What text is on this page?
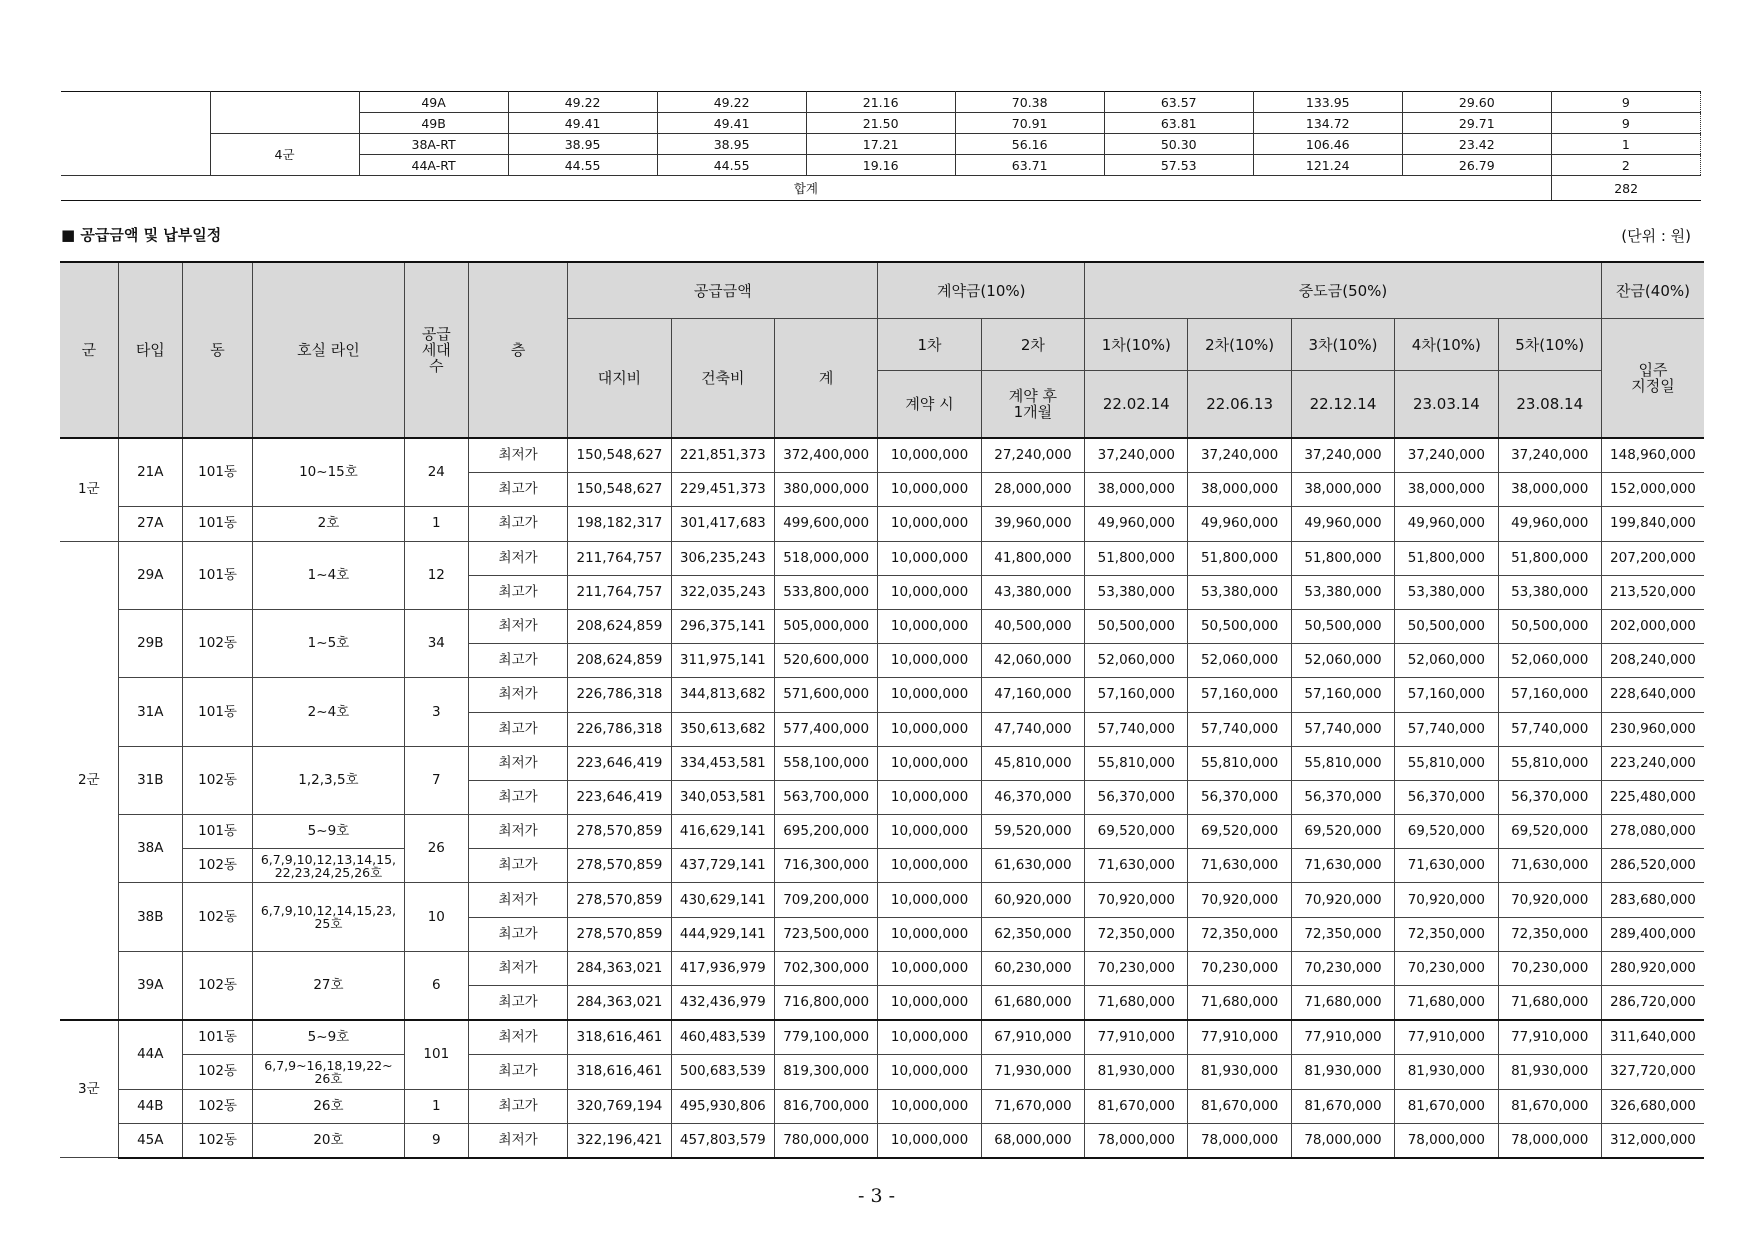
		49A	49.22	49.22	21.16	70.38	63.57	133.95	29.60	9
		49B	49.41	49.41	21.50	70.91	63.81	134.72	29.71	9
	4군	38A-RT	38.95	38.95	17.21	56.16	50.30	106.46	23.42	1
		44A-RT	44.55	44.55	19.16	63.71	57.53	121.24	26.79	2
합계										282
■ 공급금액 및 납부일정	(단위 : 원)
군	타입	동	호실 라인	공급
세대
수	층	공급금액			계약금(10%)		중도금(50%)					잔금(40%)
						대지비	건축비	계	1차	2차	1차(10%)	2차(10%)	3차(10%)	4차(10%)	5차(10%)	입주
지정일
									계약 시	계약 후
1개월	22.02.14	22.06.13	22.12.14	23.03.14	23.08.14	
1군	21A	101동	10~15호	24	최저가	150,548,627	221,851,373	372,400,000	10,000,000	27,240,000	37,240,000	37,240,000	37,240,000	37,240,000	37,240,000	148,960,000
					최고가	150,548,627	229,451,373	380,000,000	10,000,000	28,000,000	38,000,000	38,000,000	38,000,000	38,000,000	38,000,000	152,000,000
	27A	101동	2호	1	최고가	198,182,317	301,417,683	499,600,000	10,000,000	39,960,000	49,960,000	49,960,000	49,960,000	49,960,000	49,960,000	199,840,000
2군	29A	101동	1~4호	12	최저가	211,764,757	306,235,243	518,000,000	10,000,000	41,800,000	51,800,000	51,800,000	51,800,000	51,800,000	51,800,000	207,200,000
					최고가	211,764,757	322,035,243	533,800,000	10,000,000	43,380,000	53,380,000	53,380,000	53,380,000	53,380,000	53,380,000	213,520,000
	29B	102동	1~5호	34	최저가	208,624,859	296,375,141	505,000,000	10,000,000	40,500,000	50,500,000	50,500,000	50,500,000	50,500,000	50,500,000	202,000,000
					최고가	208,624,859	311,975,141	520,600,000	10,000,000	42,060,000	52,060,000	52,060,000	52,060,000	52,060,000	52,060,000	208,240,000
	31A	101동	2~4호	3	최저가	226,786,318	344,813,682	571,600,000	10,000,000	47,160,000	57,160,000	57,160,000	57,160,000	57,160,000	57,160,000	228,640,000
					최고가	226,786,318	350,613,682	577,400,000	10,000,000	47,740,000	57,740,000	57,740,000	57,740,000	57,740,000	57,740,000	230,960,000
	31B	102동	1,2,3,5호	7	최저가	223,646,419	334,453,581	558,100,000	10,000,000	45,810,000	55,810,000	55,810,000	55,810,000	55,810,000	55,810,000	223,240,000
					최고가	223,646,419	340,053,581	563,700,000	10,000,000	46,370,000	56,370,000	56,370,000	56,370,000	56,370,000	56,370,000	225,480,000
	38A	101동	5~9호	26	최저가	278,570,859	416,629,141	695,200,000	10,000,000	59,520,000	69,520,000	69,520,000	69,520,000	69,520,000	69,520,000	278,080,000
		102동	6,7,9,10,12,13,14,15,
22,23,24,25,26호		최고가	278,570,859	437,729,141	716,300,000	10,000,000	61,630,000	71,630,000	71,630,000	71,630,000	71,630,000	71,630,000	286,520,000
	38B	102동	6,7,9,10,12,14,15,23,
25호	10	최저가	278,570,859	430,629,141	709,200,000	10,000,000	60,920,000	70,920,000	70,920,000	70,920,000	70,920,000	70,920,000	283,680,000
					최고가	278,570,859	444,929,141	723,500,000	10,000,000	62,350,000	72,350,000	72,350,000	72,350,000	72,350,000	72,350,000	289,400,000
	39A	102동	27호	6	최저가	284,363,021	417,936,979	702,300,000	10,000,000	60,230,000	70,230,000	70,230,000	70,230,000	70,230,000	70,230,000	280,920,000
					최고가	284,363,021	432,436,979	716,800,000	10,000,000	61,680,000	71,680,000	71,680,000	71,680,000	71,680,000	71,680,000	286,720,000
3군	44A	101동	5~9호	101	최저가	318,616,461	460,483,539	779,100,000	10,000,000	67,910,000	77,910,000	77,910,000	77,910,000	77,910,000	77,910,000	311,640,000
		102동	6,7,9~16,18,19,22~
26호		최고가	318,616,461	500,683,539	819,300,000	10,000,000	71,930,000	81,930,000	81,930,000	81,930,000	81,930,000	81,930,000	327,720,000
	44B	102동	26호	1	최고가	320,769,194	495,930,806	816,700,000	10,000,000	71,670,000	81,670,000	81,670,000	81,670,000	81,670,000	81,670,000	326,680,000
	45A	102동	20호	9	최저가	322,196,421	457,803,579	780,000,000	10,000,000	68,000,000	78,000,000	78,000,000	78,000,000	78,000,000	78,000,000	312,000,000
- 3 -
